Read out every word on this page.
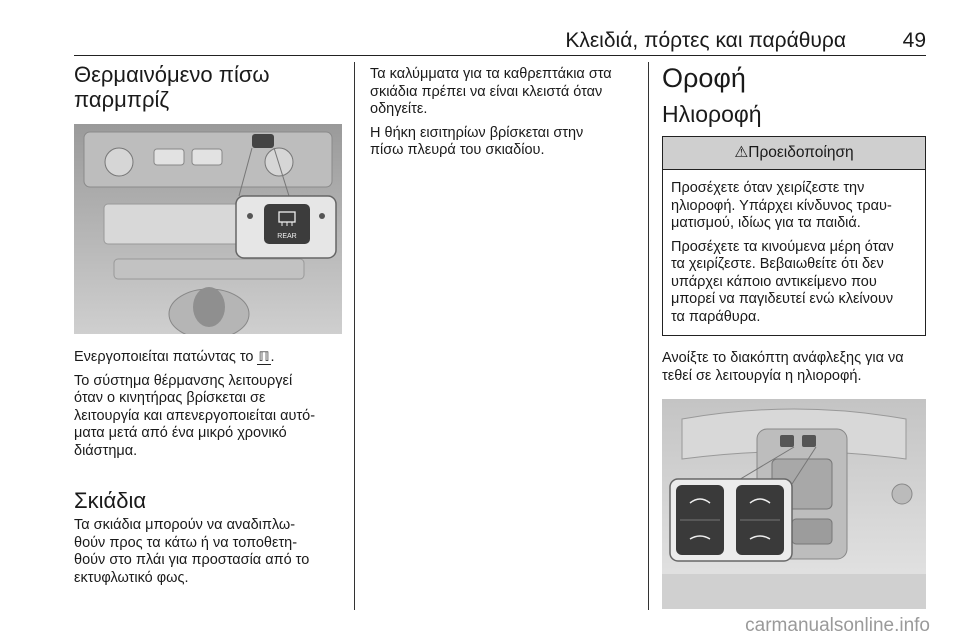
Κλειδιά, πόρτες και παράθυρα	49
Θερμαινόμενο πίσω
παρμπρίζ
REAR

Ενεργοποιείται πατώντας το ℿ.

Το σύστημα θέρμανσης λειτουργεί
όταν ο κινητήρας βρίσκεται σε
λειτουργία και απενεργοποιείται αυτό-
ματα μετά από ένα μικρό χρονικό
διάστημα.

Σκιάδια

Τα σκιάδια μπορούν να αναδιπλω-
θούν προς τα κάτω ή να τοποθετη-
θούν στο πλάι για προστασία από το
εκτυφλωτικό φως.

Τα καλύμματα για τα καθρεπτάκια στα
σκιάδια πρέπει να είναι κλειστά όταν
οδηγείτε.

Η θήκη εισιτηρίων βρίσκεται στην
πίσω πλευρά του σκιαδίου.

Οροφή
Ηλιοροφή
⚠Προειδοποίηση

Προσέχετε όταν χειρίζεστε την
ηλιοροφή. Υπάρχει κίνδυνος τραυ-
ματισμού, ιδίως για τα παιδιά.

Προσέχετε τα κινούμενα μέρη όταν
τα χειρίζεστε. Βεβαιωθείτε ότι δεν
υπάρχει κάποιο αντικείμενο που
μπορεί να παγιδευτεί ενώ κλείνουν
τα παράθυρα.

Ανοίξτε το διακόπτη ανάφλεξης για να
τεθεί σε λειτουργία η ηλιοροφή.

carmanualsonline.info
